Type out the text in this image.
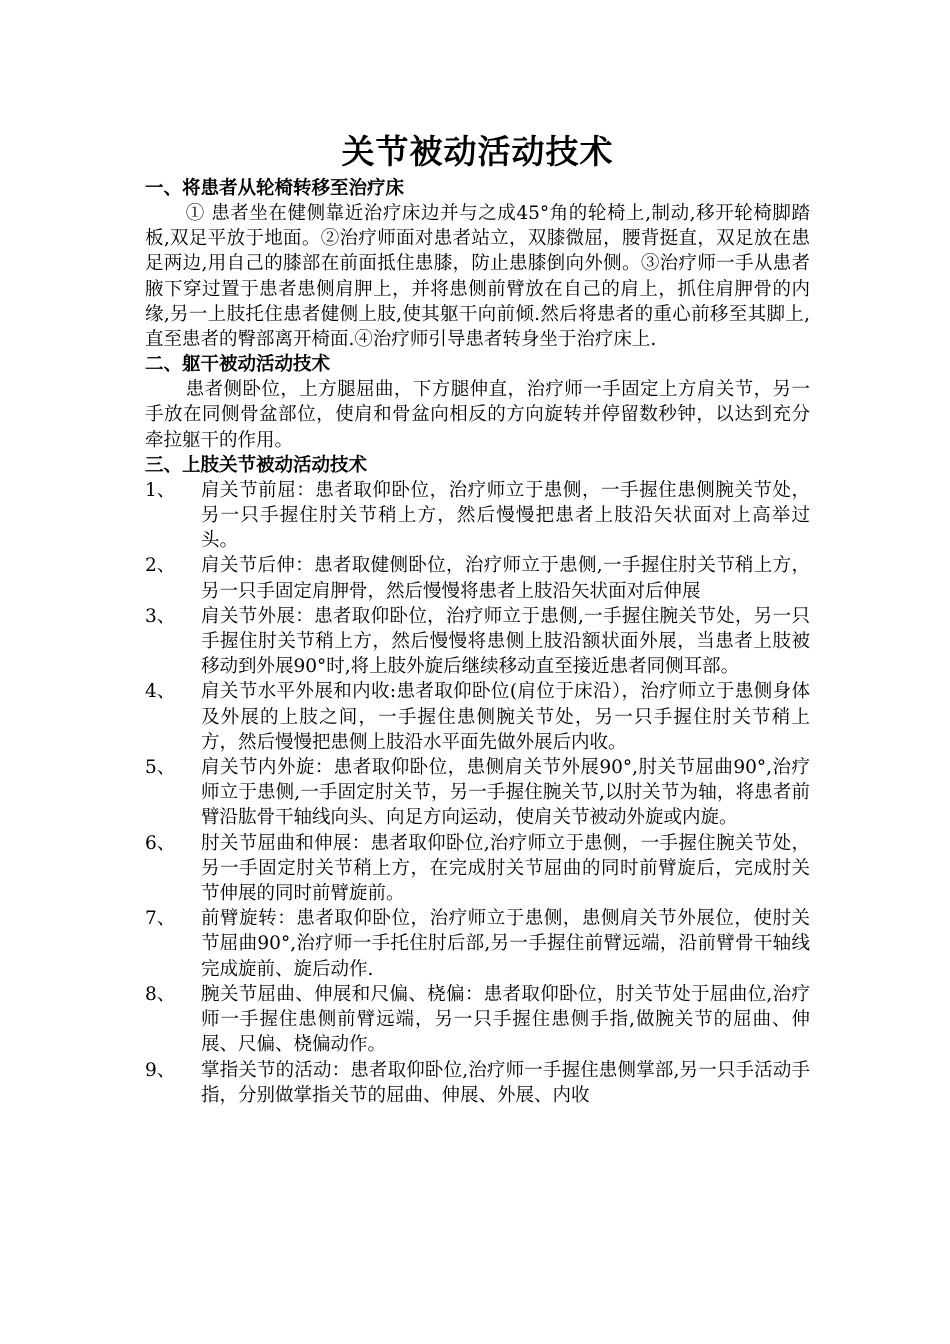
关节被动活动技术
一、将患者从轮椅转移至治疗床

① 患者坐在健侧靠近治疗床边并与之成45°角的轮椅上,制动,移开轮椅脚踏板,双足平放于地面。②治疗师面对患者站立，双膝微屈，腰背挺直，双足放在患足两边,用自己的膝部在前面抵住患膝，防止患膝倒向外侧。③治疗师一手从患者腋下穿过置于患者患侧肩胛上，并将患侧前臂放在自己的肩上，抓住肩胛骨的内缘,另一上肢托住患者健侧上肢,使其躯干向前倾.然后将患者的重心前移至其脚上,直至患者的臀部离开椅面.④治疗师引导患者转身坐于治疗床上.

二、躯干被动活动技术

患者侧卧位，上方腿屈曲，下方腿伸直，治疗师一手固定上方肩关节，另一手放在同侧骨盆部位，使肩和骨盆向相反的方向旋转并停留数秒钟，以达到充分牵拉躯干的作用。

三、上肢关节被动活动技术
1、	肩关节前屈：患者取仰卧位，治疗师立于患侧，一手握住患侧腕关节处，另一只手握住肘关节稍上方，然后慢慢把患者上肢沿矢状面对上高举过头。
2、	肩关节后伸：患者取健侧卧位，治疗师立于患侧,一手握住肘关节稍上方，另一只手固定肩胛骨，然后慢慢将患者上肢沿矢状面对后伸展
3、	肩关节外展：患者取仰卧位，治疗师立于患侧,一手握住腕关节处，另一只手握住肘关节稍上方，然后慢慢将患侧上肢沿额状面外展，当患者上肢被移动到外展90°时,将上肢外旋后继续移动直至接近患者同侧耳部。
4、	肩关节水平外展和内收:患者取仰卧位(肩位于床沿），治疗师立于患侧身体及外展的上肢之间，一手握住患侧腕关节处，另一只手握住肘关节稍上方，然后慢慢把患侧上肢沿水平面先做外展后内收。
5、	肩关节内外旋：患者取仰卧位，患侧肩关节外展90°,肘关节屈曲90°,治疗师立于患侧,一手固定肘关节，另一手握住腕关节,以肘关节为轴，将患者前臂沿肱骨干轴线向头、向足方向运动，使肩关节被动外旋或内旋。
6、	肘关节屈曲和伸展：患者取仰卧位,治疗师立于患侧，一手握住腕关节处，另一手固定肘关节稍上方，在完成肘关节屈曲的同时前臂旋后，完成肘关节伸展的同时前臂旋前。
7、	前臂旋转：患者取仰卧位，治疗师立于患侧，患侧肩关节外展位，使肘关节屈曲90°,治疗师一手托住肘后部,另一手握住前臂远端，沿前臂骨干轴线完成旋前、旋后动作.
8、	腕关节屈曲、伸展和尺偏、桡偏：患者取仰卧位，肘关节处于屈曲位,治疗师一手握住患侧前臂远端，另一只手握住患侧手指,做腕关节的屈曲、伸展、尺偏、桡偏动作。
9、	掌指关节的活动：患者取仰卧位,治疗师一手握住患侧掌部,另一只手活动手指，分别做掌指关节的屈曲、伸展、外展、内收
